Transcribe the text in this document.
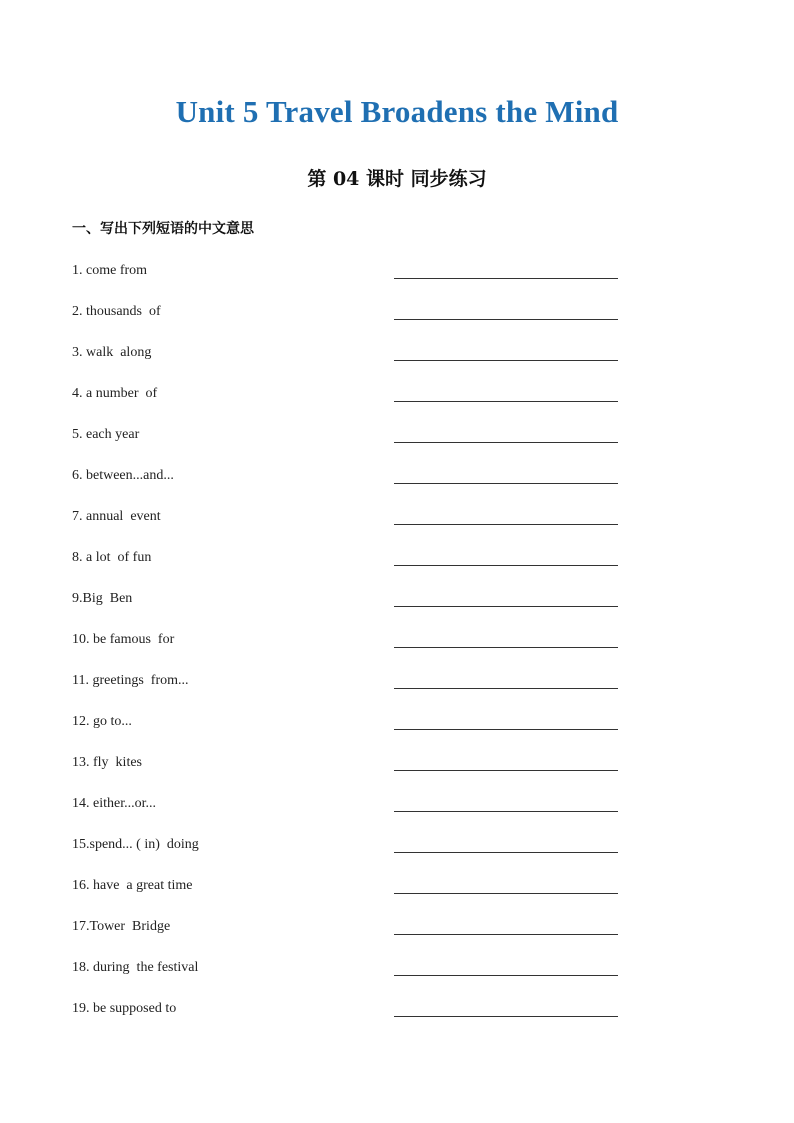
Unit 5 Travel Broadens the Mind
第 04 课时 同步练习
一、写出下列短语的中文意思
1. come from
2. thousands  of
3. walk  along
4. a number  of
5. each year
6. between...and...
7. annual  event
8. a lot  of fun
9.Big  Ben
10. be famous  for
11. greetings  from...
12. go to...
13. fly  kites
14. either...or...
15.spend... ( in)  doing
16. have  a great time
17.Tower  Bridge
18. during  the festival
19. be supposed to
